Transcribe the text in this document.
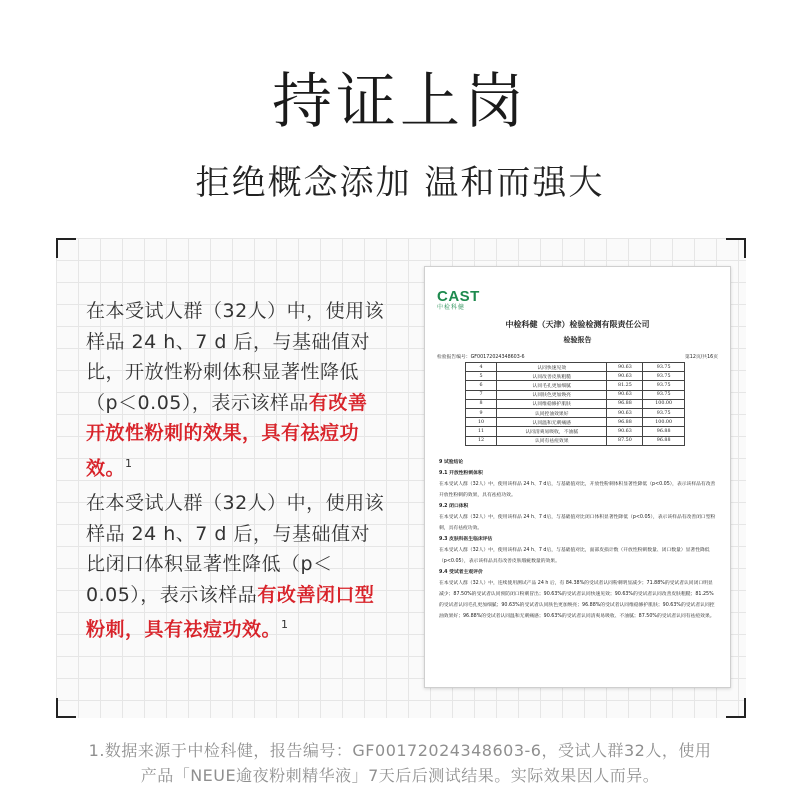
持证上岗
拒绝概念添加 温和而强大
在本受试人群（32人）中，使用该样品 24 h、7 d 后，与基础值对比，开放性粉刺体积显著性降低（p＜0.05），表示该样品有改善开放性粉刺的效果，具有祛痘功效。$^1$
在本受试人群（32人）中，使用该样品 24 h、7 d 后，与基础值对比闭口体积显著性降低（p＜0.05），表示该样品有改善闭口型粉刺，具有祛痘功效。$^1$
CAST
中检科健
中检科健（天津）检验检测有限责任公司
检验报告
检验报告编号：GF00172024348603-6	第12页/共16页
4	认同快速见效	90.63	93.75
5	认同改善皮肤粗糙	90.63	93.75
6	认同毛孔更加细腻	81.25	93.75
7	认同肤色更加焕亮	90.63	93.75
8	认同维稳修护肌肤	96.88	100.00
9	认同控油效果好	90.63	93.75
10	认同温和无刺痛感	96.88	100.00
11	认同清爽易吸收，不油腻	90.63	96.88
12	认同有祛痘效果	87.50	96.88

9 试验结论

9.1 开放性粉刺体积

在本受试人群（32人）中，使用该样品 24 h、7 d后，与基础值对比，开放性粉刺体积显著性降低（p<0.05），表示该样品有改善开放性粉刺的效果，具有祛痘功效。

9.2 闭口体积

在本受试人群（32人）中，使用该样品 24 h、7 d后，与基础值对比闭口体积显著性降低（p<0.05），表示该样品有改善闭口型粉刺，具有祛痘功效。

9.3 皮肤科医生临床评估

在本受试人群（32人）中，使用该样品 24 h、7 d后，与基础值对比，面部皮损计数（开放性粉刺数量、闭口数量）显著性降低（p<0.05），表示该样品具有改善皮肤瑕疵数量的效果。

9.4 受试者主观评价

在本受试人群（32人）中，连续使用测试产品 24 h 后，有 84.38%的受试者认同粉刺明显减少；71.88%的受试者认同闭口明显减少；87.50%的受试者认同预防闭口粉刺冒出；90.63%的受试者认同快速见效；90.63%的受试者认同改善皮肤粗糙；81.25%的受试者认同毛孔更加细腻；90.63%的受试者认同肤色更加焕亮；96.88%的受试者认同维稳修护肌肤；90.63%的受试者认同控油效果好；96.88%的受试者认同温和无刺痛感；90.63%的受试者认同清爽易吸收、不油腻；87.50%的受试者认同有祛痘效果。

1.数据来源于中检科健，报告编号：GF00172024348603-6，受试人群32人，使用
产品「NEUE逾夜粉刺精华液」7天后后测试结果。实际效果因人而异。
